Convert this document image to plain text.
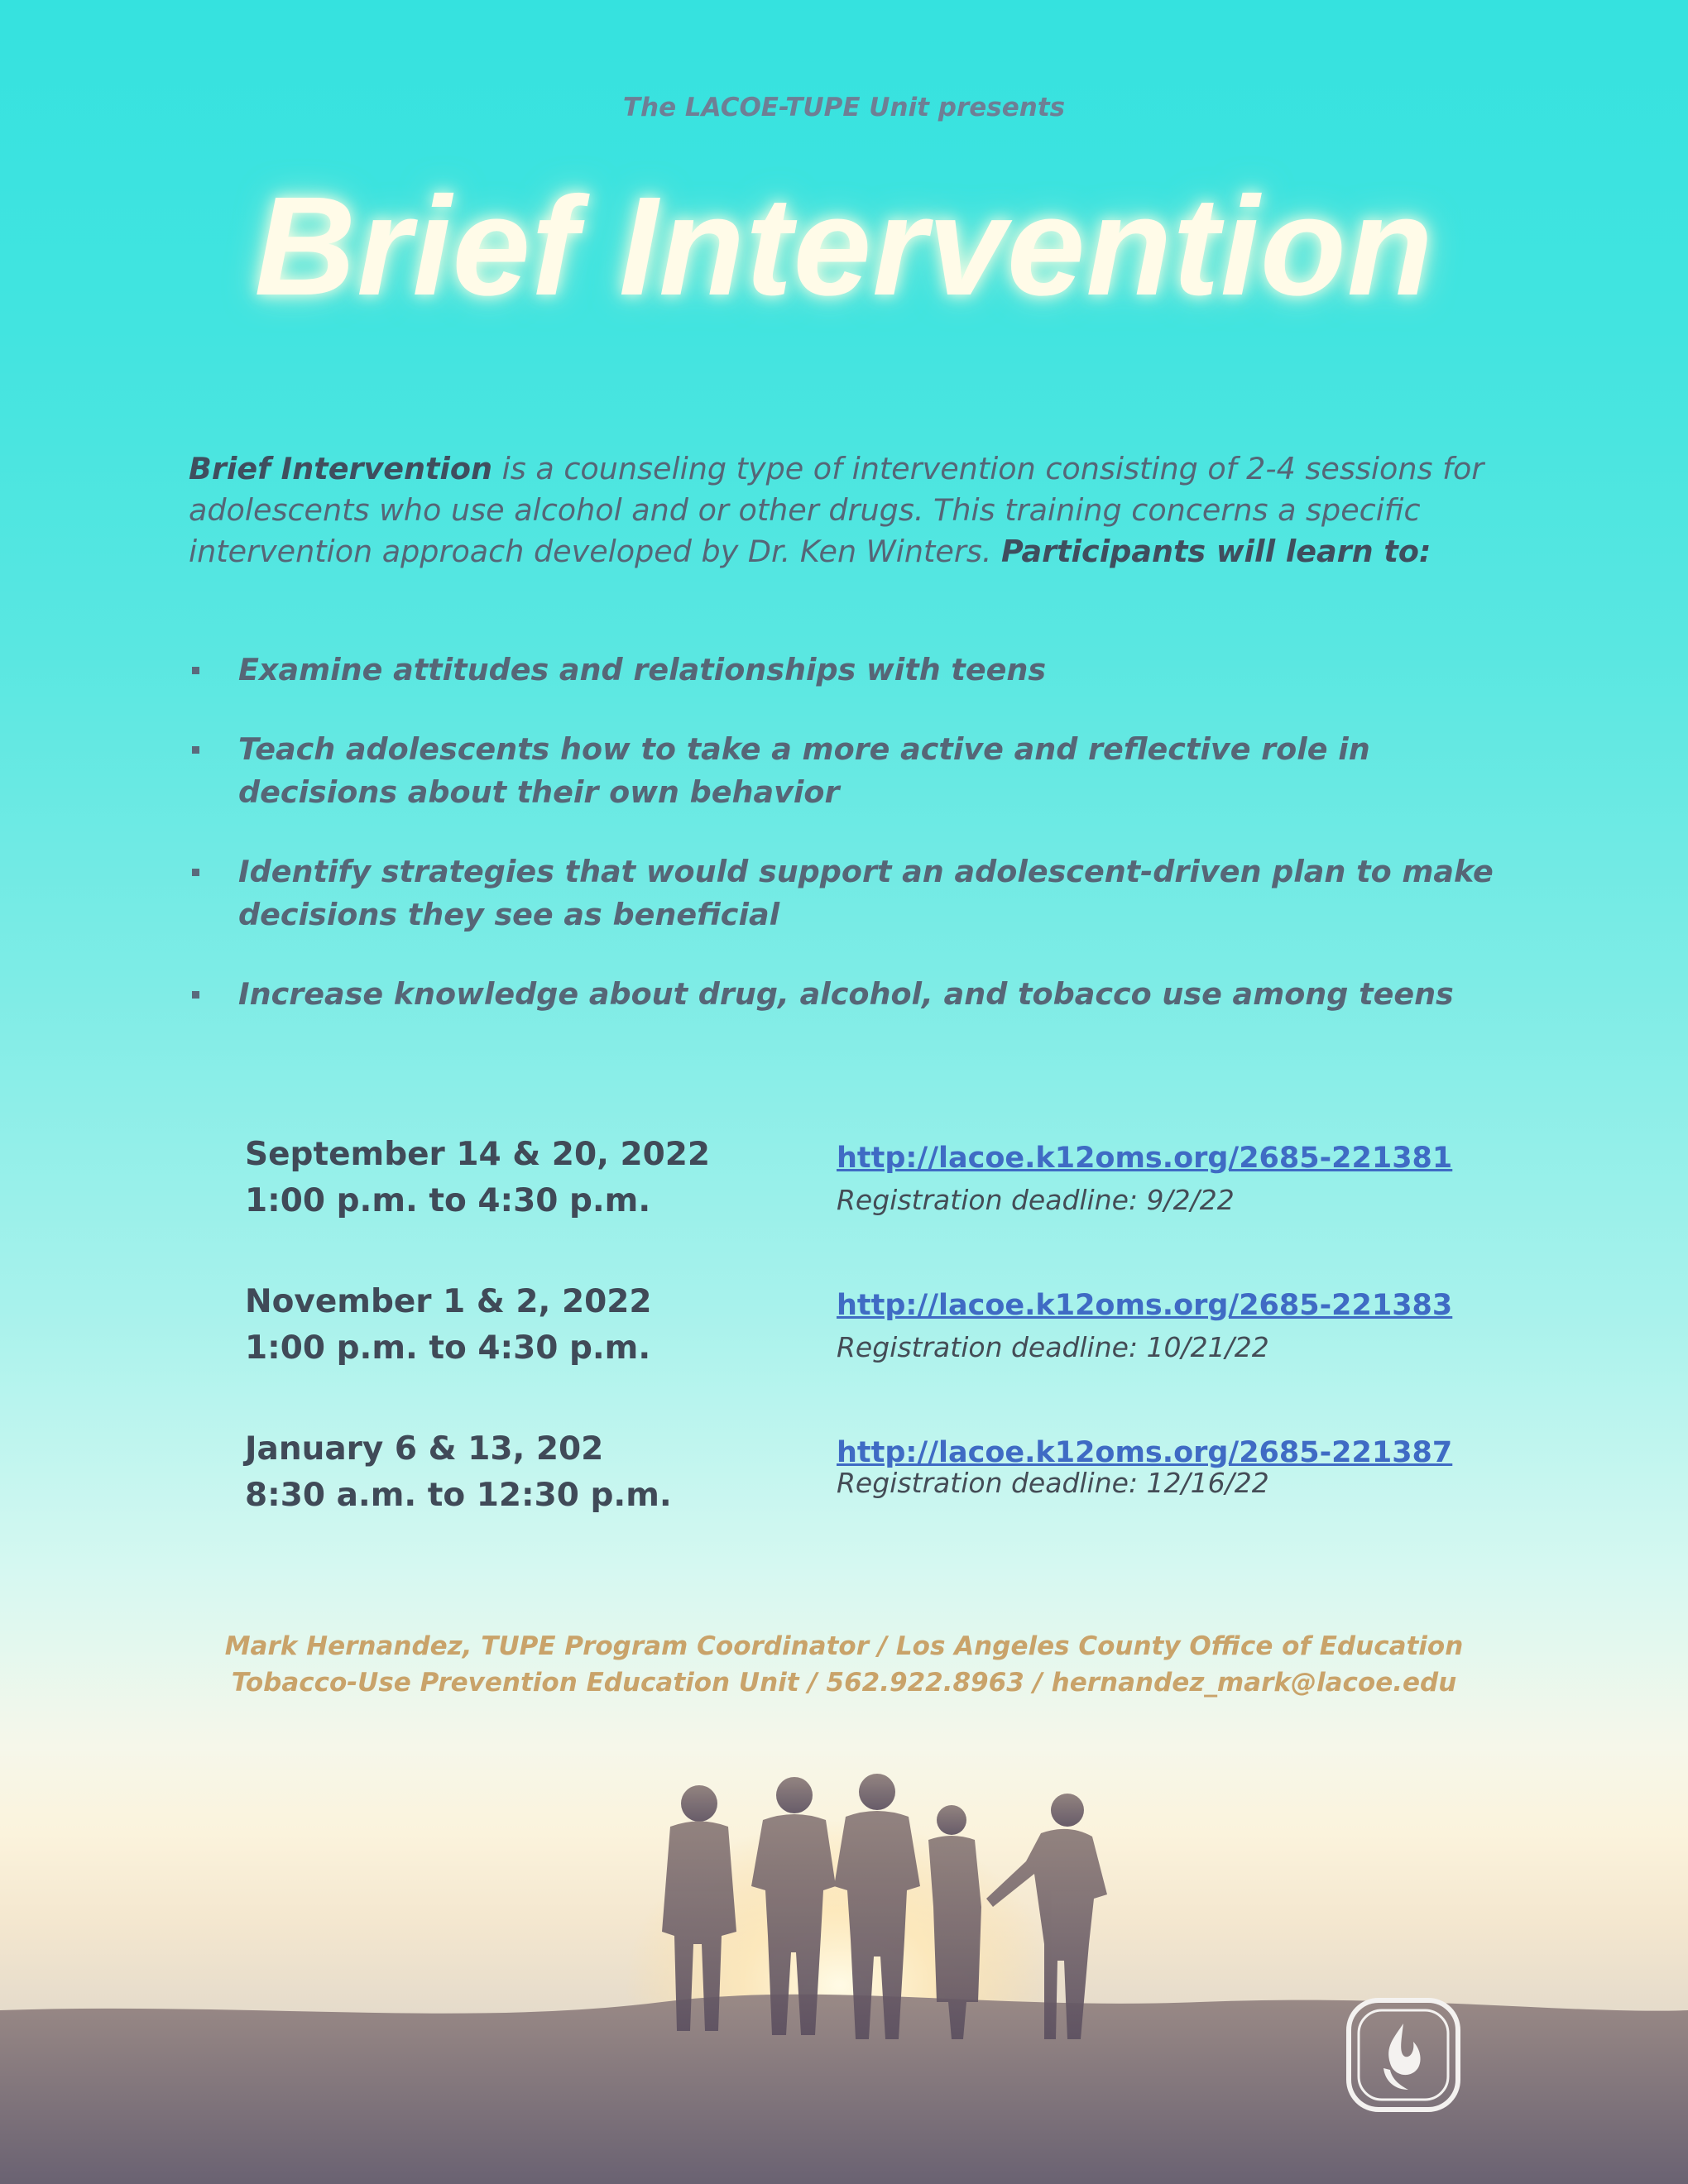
The LACOE-TUPE Unit presents
Brief Intervention
Brief Intervention is a counseling type of intervention consisting of 2-4 sessions for adolescents who use alcohol and or other drugs. This training concerns a specific intervention approach developed by Dr. Ken Winters. Participants will learn to:
Examine attitudes and relationships with teens
Teach adolescents how to take a more active and reflective role in decisions about their own behavior
Identify strategies that would support an adolescent-driven plan to make decisions they see as beneficial
Increase knowledge about drug, alcohol, and tobacco use among teens
September 14 & 20, 2022
1:00 p.m. to 4:30 p.m.
http://lacoe.k12oms.org/2685-221381
Registration deadline: 9/2/22
November 1 & 2, 2022
1:00 p.m. to 4:30 p.m.
http://lacoe.k12oms.org/2685-221383
Registration deadline: 10/21/22
January 6 & 13, 202
8:30 a.m. to 12:30 p.m.
http://lacoe.k12oms.org/2685-221387
Registration deadline: 12/16/22
Mark Hernandez, TUPE Program Coordinator / Los Angeles County Office of Education
Tobacco-Use Prevention Education Unit / 562.922.8963 / hernandez_mark@lacoe.edu
